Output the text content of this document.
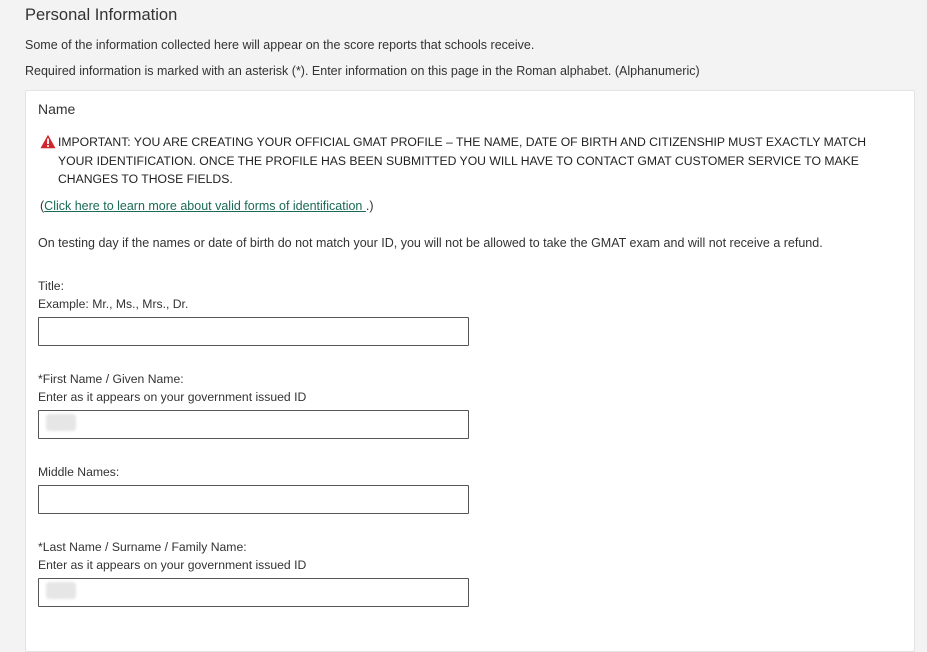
Personal Information

Some of the information collected here will appear on the score reports that schools receive.

Required information is marked with an asterisk (*). Enter information on this page in the Roman alphabet. (Alphanumeric)

Name
IMPORTANT: YOU ARE CREATING YOUR OFFICIAL GMAT PROFILE – THE NAME, DATE OF BIRTH AND CITIZENSHIP MUST EXACTLY MATCH YOUR IDENTIFICATION. ONCE THE PROFILE HAS BEEN SUBMITTED YOU WILL HAVE TO CONTACT GMAT CUSTOMER SERVICE TO MAKE CHANGES TO THOSE FIELDS.
(Click here to learn more about valid forms of identification .)
On testing day if the names or date of birth do not match your ID, you will not be allowed to take the GMAT exam and will not receive a refund.
Title:
Example: Mr., Ms., Mrs., Dr.
*First Name / Given Name:
Enter as it appears on your government issued ID
Middle Names:
*Last Name / Surname / Family Name:
Enter as it appears on your government issued ID
